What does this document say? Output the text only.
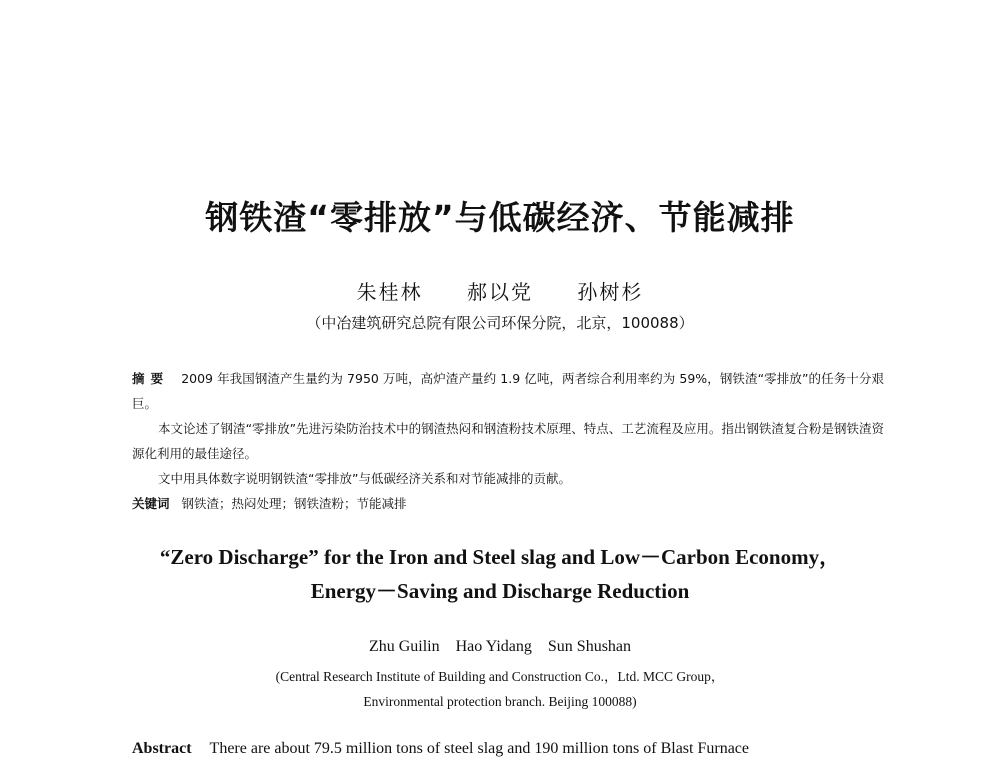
钢铁渣“零排放”与低碳经济、节能减排
朱桂林 郝以党 孙树杉
（中冶建筑研究总院有限公司环保分院，北京，100088）

摘要 2009 年我国钢渣产生量约为 7950 万吨，高炉渣产量约 1.9 亿吨，两者综合利用率约为 59%，钢铁渣“零排放”的任务十分艰巨。

本文论述了钢渣“零排放”先进污染防治技术中的钢渣热闷和钢渣粉技术原理、特点、工艺流程及应用。指出钢铁渣复合粉是钢铁渣资源化利用的最佳途径。

文中用具体数字说明钢铁渣“零排放”与低碳经济关系和对节能减排的贡献。

关键词 钢铁渣；热闷处理；钢铁渣粉；节能减排

“Zero Discharge” for the Iron and Steel slag and Low－Carbon Economy，
Energy－Saving and Discharge Reduction
Zhu Guilin Hao Yidang Sun Shushan
(Central Research Institute of Building and Construction Co.，Ltd. MCC Group，
Environmental protection branch. Beijing 100088)
Abstract There are about 79.5 million tons of steel slag and 190 million tons of Blast Furnace
